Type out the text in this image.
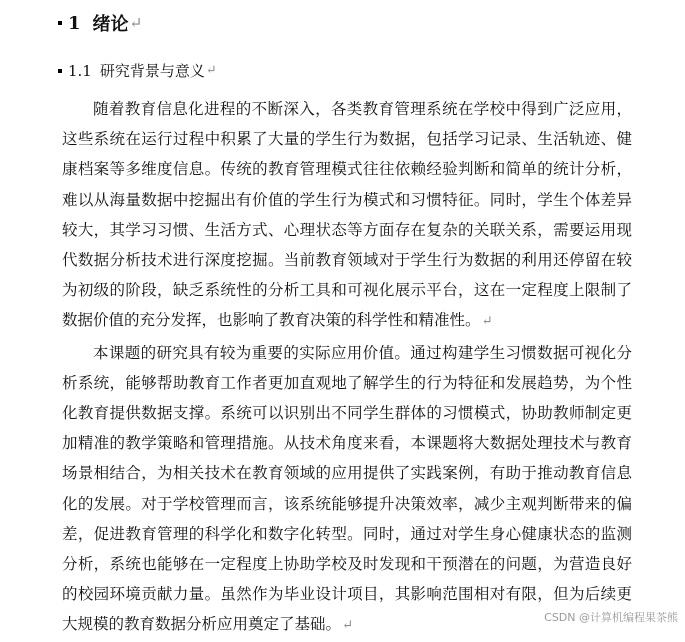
1 绪论 ↵
1.1 研究背景与意义 ↵

随着教育信息化进程的不断深入，各类教育管理系统在学校中得到广泛应用，这些系统在运行过程中积累了大量的学生行为数据，包括学习记录、生活轨迹、健康档案等多维度信息。传统的教育管理模式往往依赖经验判断和简单的统计分析，难以从海量数据中挖掘出有价值的学生行为模式和习惯特征。同时，学生个体差异较大，其学习习惯、生活方式、心理状态等方面存在复杂的关联关系，需要运用现代数据分析技术进行深度挖掘。当前教育领域对于学生行为数据的利用还停留在较为初级的阶段，缺乏系统性的分析工具和可视化展示平台，这在一定程度上限制了数据价值的充分发挥，也影响了教育决策的科学性和精准性。↵

本课题的研究具有较为重要的实际应用价值。通过构建学生习惯数据可视化分析系统，能够帮助教育工作者更加直观地了解学生的行为特征和发展趋势，为个性化教育提供数据支撑。系统可以识别出不同学生群体的习惯模式，协助教师制定更加精准的教学策略和管理措施。从技术角度来看，本课题将大数据处理技术与教育场景相结合，为相关技术在教育领域的应用提供了实践案例，有助于推动教育信息化的发展。对于学校管理而言，该系统能够提升决策效率，减少主观判断带来的偏差，促进教育管理的科学化和数字化转型。同时，通过对学生身心健康状态的监测分析，系统也能够在一定程度上协助学校及时发现和干预潜在的问题，为营造良好的校园环境贡献力量。虽然作为毕业设计项目，其影响范围相对有限，但为后续更大规模的教育数据分析应用奠定了基础。↵

CSDN @计算机编程果茶熊
